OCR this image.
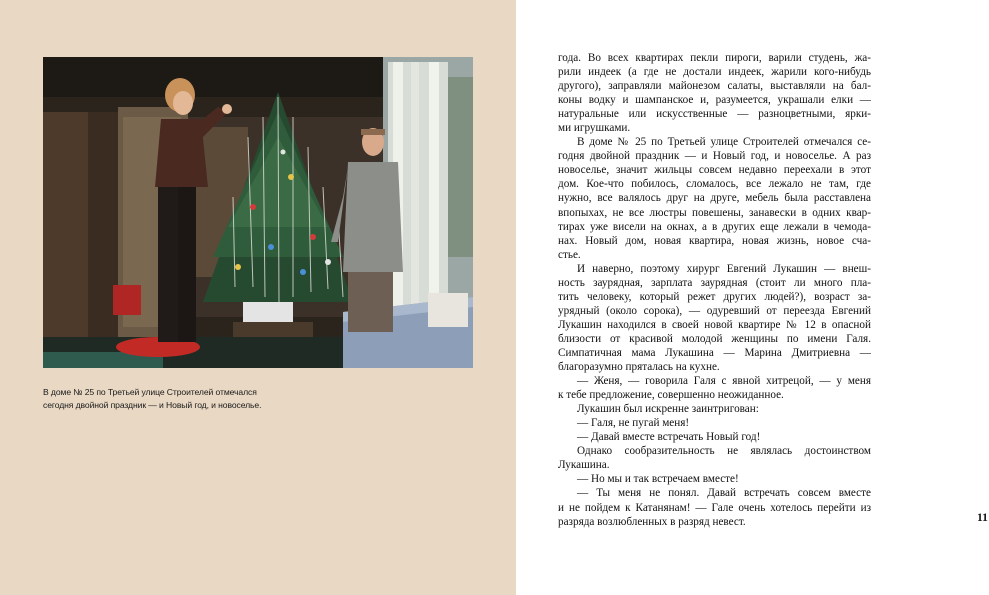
В доме № 25 по Третьей улице Строителей отмечался
сегодня двойной праздник — и Новый год, и новоселье.
года. Во всех квартирах пекли пироги, варили студень, жа-
рили индеек (а где не достали индеек, жарили кого-нибудь
другого), заправляли майонезом салаты, выставляли на бал-
коны водку и шампанское и, разумеется, украшали елки —
натуральные или искусственные — разноцветными, ярки-
ми игрушками.
В доме № 25 по Третьей улице Строителей отмечался се-
годня двойной праздник — и Новый год, и новоселье. А раз
новоселье, значит жильцы совсем недавно переехали в этот
дом. Кое-что побилось, сломалось, все лежало не там, где
нужно, все валялось друг на друге, мебель была расставлена
впопыхах, не все люстры повешены, занавески в одних квар-
тирах уже висели на окнах, а в других еще лежали в чемода-
нах. Новый дом, новая квартира, новая жизнь, новое сча-
стье.
И наверно, поэтому хирург Евгений Лукашин — внеш-
ность заурядная, зарплата заурядная (стоит ли много пла-
тить человеку, который режет других людей?), возраст за-
урядный (около сорока), — одуревший от переезда Евгений
Лукашин находился в своей новой квартире № 12 в опасной
близости от красивой молодой женщины по имени Галя.
Симпатичная мама Лукашина — Марина Дмитриевна —
благоразумно пряталась на кухне.
— Женя, — говорила Галя с явной хитрецой, — у меня
к тебе предложение, совершенно неожиданное.
Лукашин был искренне заинтригован:
— Галя, не пугай меня!
— Давай вместе встречать Новый год!
Однако сообразительность не являлась достоинством
Лукашина.
— Но мы и так встречаем вместе!
— Ты меня не понял. Давай встречать совсем вместе
и не пойдем к Катанянам! — Гале очень хотелось перейти из
разряда возлюбленных в разряд невест.	11
